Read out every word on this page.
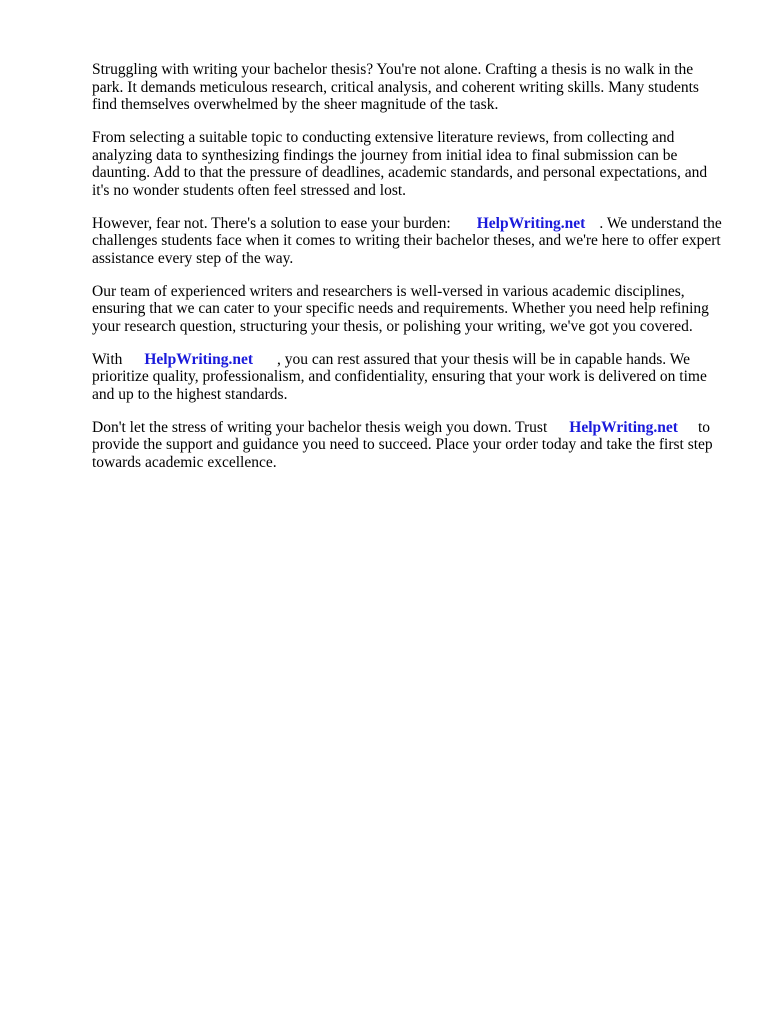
Struggling with writing your bachelor thesis? You're not alone. Crafting a thesis is no walk in the park. It demands meticulous research, critical analysis, and coherent writing skills. Many students find themselves overwhelmed by the sheer magnitude of the task.

From selecting a suitable topic to conducting extensive literature reviews, from collecting and analyzing data to synthesizing findings the journey from initial idea to final submission can be daunting. Add to that the pressure of deadlines, academic standards, and personal expectations, and it's no wonder students often feel stressed and lost.

However, fear not. There's a solution to ease your burden: HelpWriting.net . We understand the challenges students face when it comes to writing their bachelor theses, and we're here to offer expert assistance every step of the way.

Our team of experienced writers and researchers is well-versed in various academic disciplines, ensuring that we can cater to your specific needs and requirements. Whether you need help refining your research question, structuring your thesis, or polishing your writing, we've got you covered.

With HelpWriting.net , you can rest assured that your thesis will be in capable hands. We prioritize quality, professionalism, and confidentiality, ensuring that your work is delivered on time and up to the highest standards.

Don't let the stress of writing your bachelor thesis weigh you down. Trust HelpWriting.net to provide the support and guidance you need to succeed. Place your order today and take the first step towards academic excellence.
